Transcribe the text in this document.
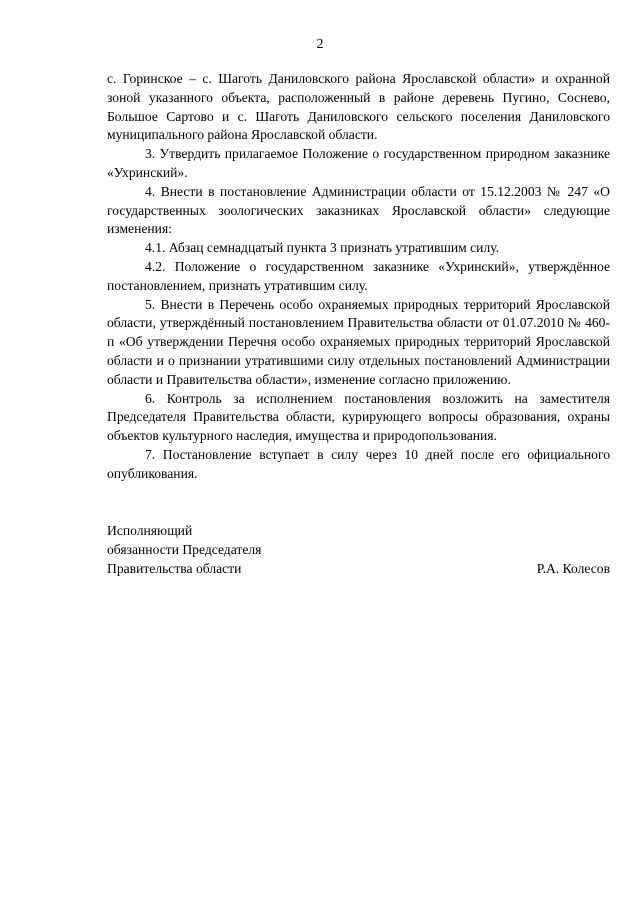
2

с. Горинское – с. Шаготь Даниловского района Ярославской области» и охранной зоной указанного объекта, расположенный в районе деревень Пугино, Соснево, Большое Сартово и с. Шаготь Даниловского сельского поселения Даниловского муниципального района Ярославской области.

3. Утвердить прилагаемое Положение о государственном природном заказнике «Ухринский».

4. Внести в постановление Администрации области от 15.12.2003 № 247 «О государственных зоологических заказниках Ярославской области» следующие изменения:

4.1. Абзац семнадцатый пункта 3 признать утратившим силу.

4.2. Положение о государственном заказнике «Ухринский», утверждённое постановлением, признать утратившим силу.

5. Внести в Перечень особо охраняемых природных территорий Ярославской области, утверждённый постановлением Правительства области от 01.07.2010 № 460-п «Об утверждении Перечня особо охраняемых природных территорий Ярославской области и о признании утратившими силу отдельных постановлений Администрации области и Правительства области», изменение согласно приложению.

6. Контроль за исполнением постановления возложить на заместителя Председателя Правительства области, курирующего вопросы образования, охраны объектов культурного наследия, имущества и природопользования.

7. Постановление вступает в силу через 10 дней после его официального опубликования.

Исполняющий
обязанности Председателя
Правительства области	Р.А. Колесов
